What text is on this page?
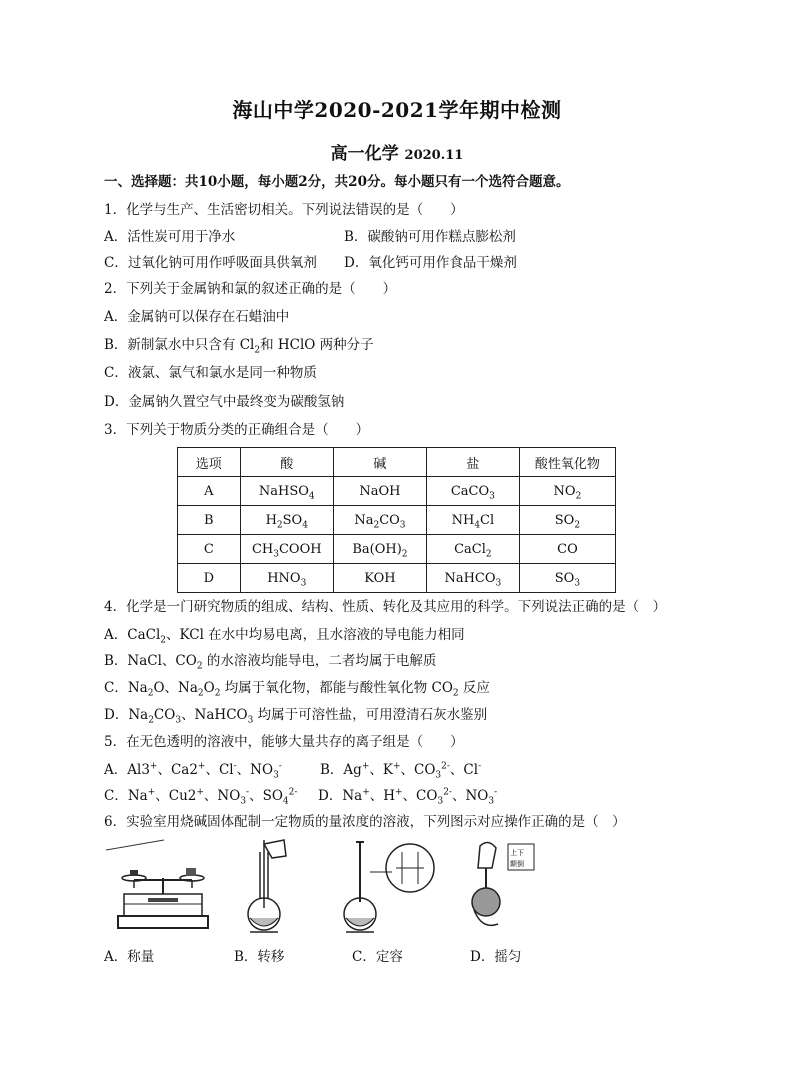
海山中学2020-2021学年期中检测
高一化学 2020.11
一、选择题：共10小题，每小题2分，共20分。每小题只有一个选符合题意。
1．化学与生产、生活密切相关。下列说法错误的是（　　）
A．活性炭可用于净水	B．碳酸钠可用作糕点膨松剂
C．过氧化钠可用作呼吸面具供氧剂 D．氧化钙可用作食品干燥剂
2．下列关于金属钠和氯的叙述正确的是（　　）
A．金属钠可以保存在石蜡油中
B．新制氯水中只含有 $Cl_2$和 HClO 两种分子
C．液氯、氯气和氯水是同一种物质
D．金属钠久置空气中最终变为碳酸氢钠
3．下列关于物质分类的正确组合是（　　）
选项	酸	碱	盐	酸性氧化物
A	NaHSO$_4$	NaOH	CaCO$_3$	$NO_2$
B	$H_2SO_4$	$Na_2CO_3$	$NH_4Cl$	$SO_2$
C	$CH_3COOH$	$Ba(OH)_2$	CaCl$_2$	CO
D	$HNO_3$	KOH	NaHCO$_3$	$SO_3$
4．化学是一门研究物质的组成、结构、性质、转化及其应用的科学。下列说法正确的是（　）
A．CaCl$_2$、KCl 在水中均易电离，且水溶液的导电能力相同
B．NaCl、$CO_2$ 的水溶液均能导电，二者均属于电解质
C．$Na_2O$、$Na_2O_2$ 均属于氧化物，都能与酸性氧化物 $CO_2$ 反应
D．$Na_2CO_3$、NaHCO$_3$ 均属于可溶性盐，可用澄清石灰水鉴别
5．在无色透明的溶液中，能够大量共存的离子组是（　　）
A．Al3+、Ca2+、Cl-、$NO_3^-$	B．Ag+、K+、$CO_3^{2-}$、Cl-
C．Na+、Cu2+、$NO_3^-$、$SO_4^{2-}$ D．Na+、H+、$CO_3^{2-}$、$NO_3^-$
6．实验室用烧碱固体配制一定物质的量浓度的溶液，下列图示对应操作正确的是（　）
上下
颠倒
A．称量	B．转移	C．定容	D．摇匀
